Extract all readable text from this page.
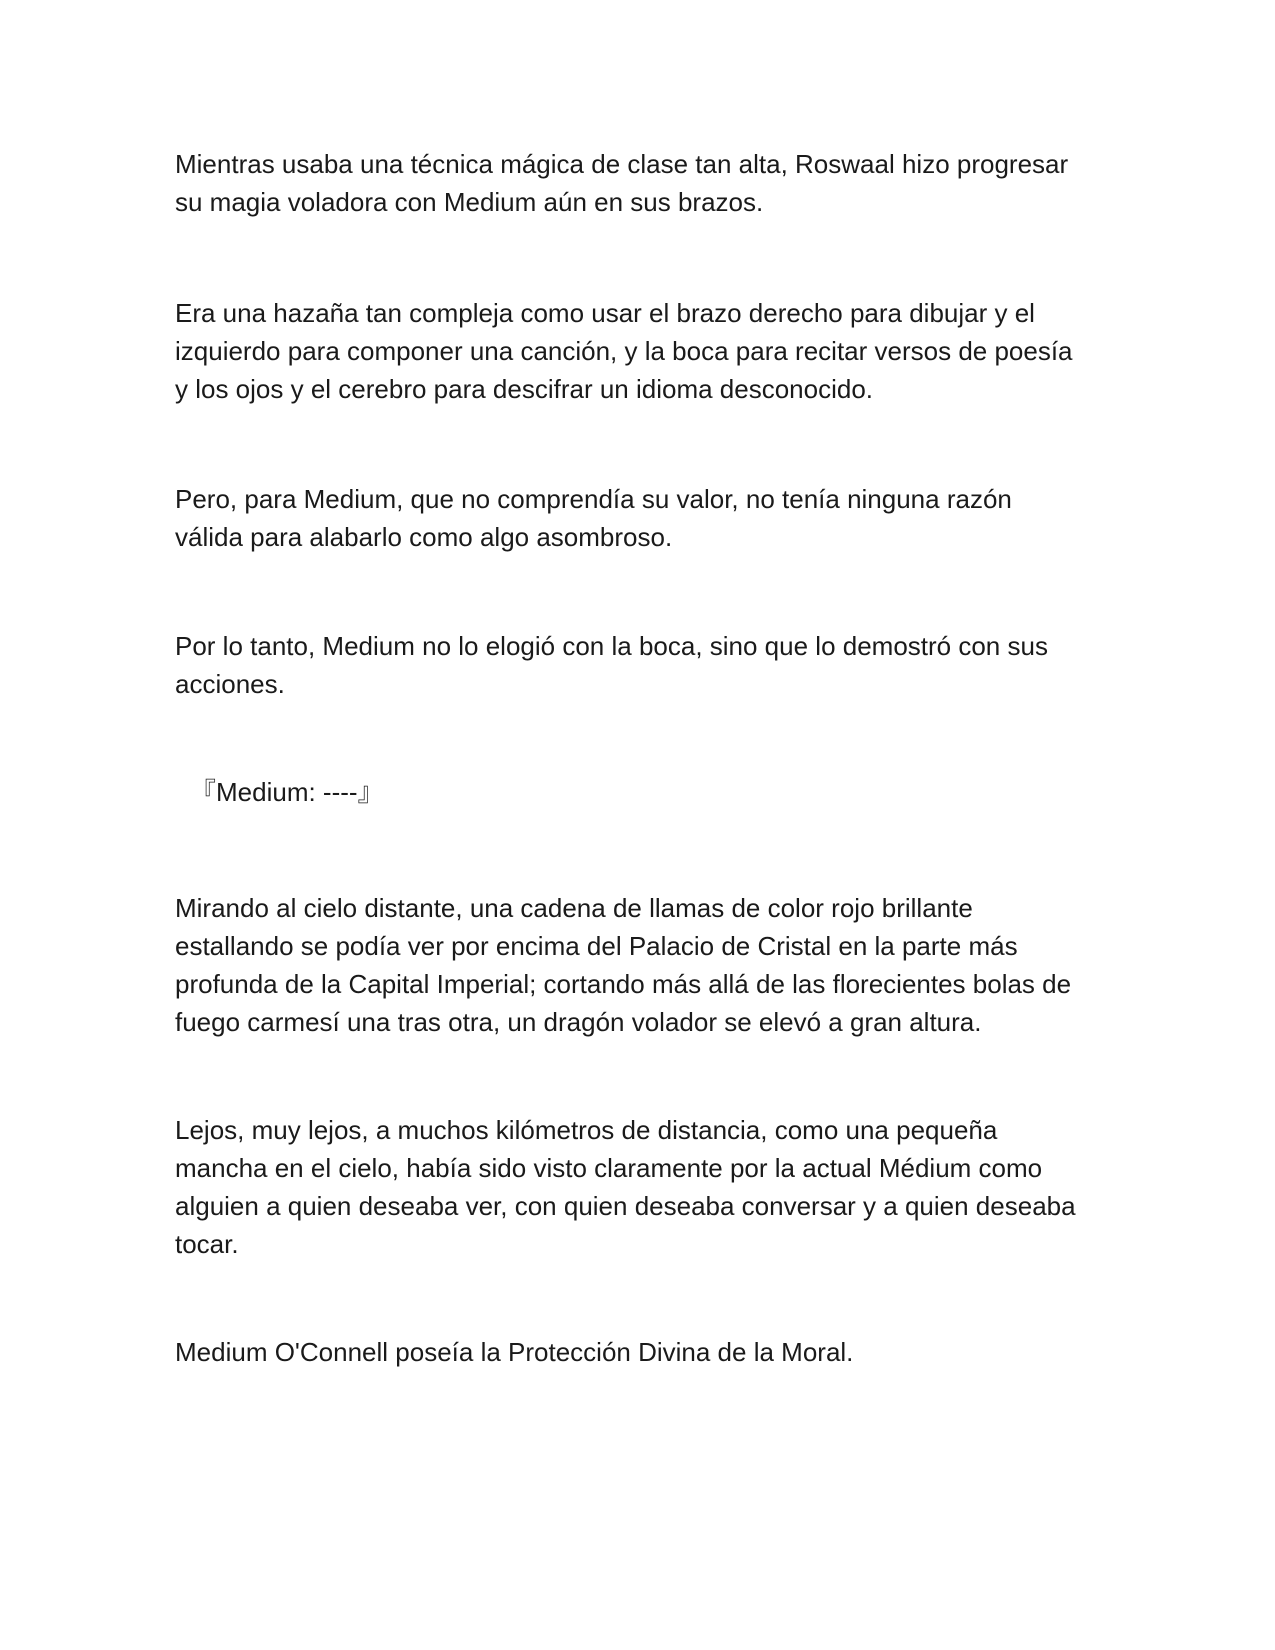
Mientras usaba una técnica mágica de clase tan alta, Roswaal hizo progresar
su magia voladora con Medium aún en sus brazos.

Era una hazaña tan compleja como usar el brazo derecho para dibujar y el
izquierdo para componer una canción, y la boca para recitar versos de poesía
y los ojos y el cerebro para descifrar un idioma desconocido.

Pero, para Medium, que no comprendía su valor, no tenía ninguna razón
válida para alabarlo como algo asombroso.

Por lo tanto, Medium no lo elogió con la boca, sino que lo demostró con sus
acciones.

『Medium: ----』

Mirando al cielo distante, una cadena de llamas de color rojo brillante
estallando se podía ver por encima del Palacio de Cristal en la parte más
profunda de la Capital Imperial; cortando más allá de las florecientes bolas de
fuego carmesí una tras otra, un dragón volador se elevó a gran altura.

Lejos, muy lejos, a muchos kilómetros de distancia, como una pequeña
mancha en el cielo, había sido visto claramente por la actual Médium como
alguien a quien deseaba ver, con quien deseaba conversar y a quien deseaba
tocar.

Medium O'Connell poseía la Protección Divina de la Moral.
